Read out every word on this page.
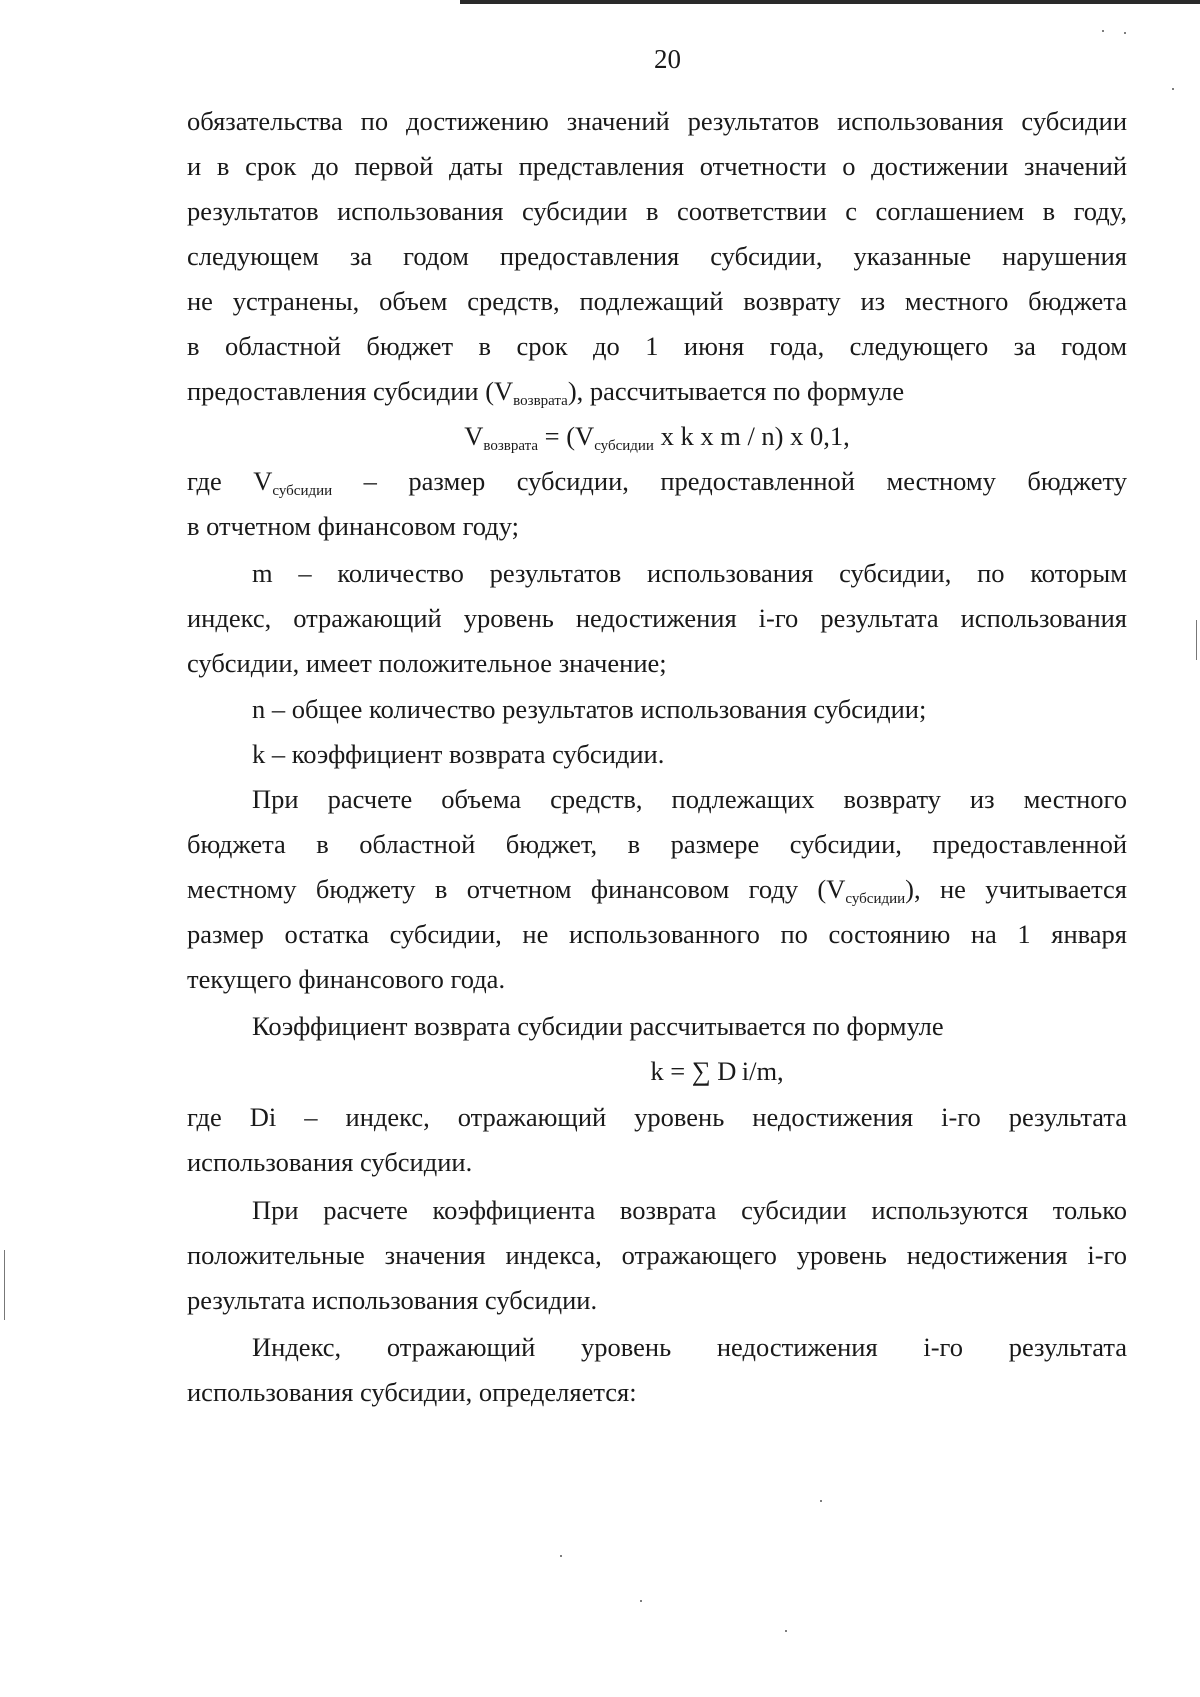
20
обязательства по достижению значений результатов использования субсидии
и в срок до первой даты представления отчетности о достижении значений
результатов использования субсидии в соответствии с соглашением в году,
следующем за годом предоставления субсидии, указанные нарушения
не устранены, объем средств, подлежащий возврату из местного бюджета
в областной бюджет в срок до 1 июня года, следующего за годом
предоставления субсидии $(V_{возврата})$, рассчитывается по формуле
$V_{возврата} = (V_{субсидии}$ x k x m / n) x 0,1,
где $V_{субсидии}$ – размер субсидии, предоставленной местному бюджету
в отчетном финансовом году;
m – количество результатов использования субсидии, по которым
индекс, отражающий уровень недостижения i-го результата использования
субсидии, имеет положительное значение;
n – общее количество результатов использования субсидии;
k – коэффициент возврата субсидии.
При расчете объема средств, подлежащих возврату из местного
бюджета в областной бюджет, в размере субсидии, предоставленной
местному бюджету в отчетном финансовом году $(V_{субсидии})$, не учитывается
размер остатка субсидии, не использованного по состоянию на 1 января
текущего финансового года.
Коэффициент возврата субсидии рассчитывается по формуле
k = ∑ D i/m,
где Di – индекс, отражающий уровень недостижения i-го результата
использования субсидии.
При расчете коэффициента возврата субсидии используются только
положительные значения индекса, отражающего уровень недостижения i-го
результата использования субсидии.
Индекс, отражающий уровень недостижения i-го результата
использования субсидии, определяется:
